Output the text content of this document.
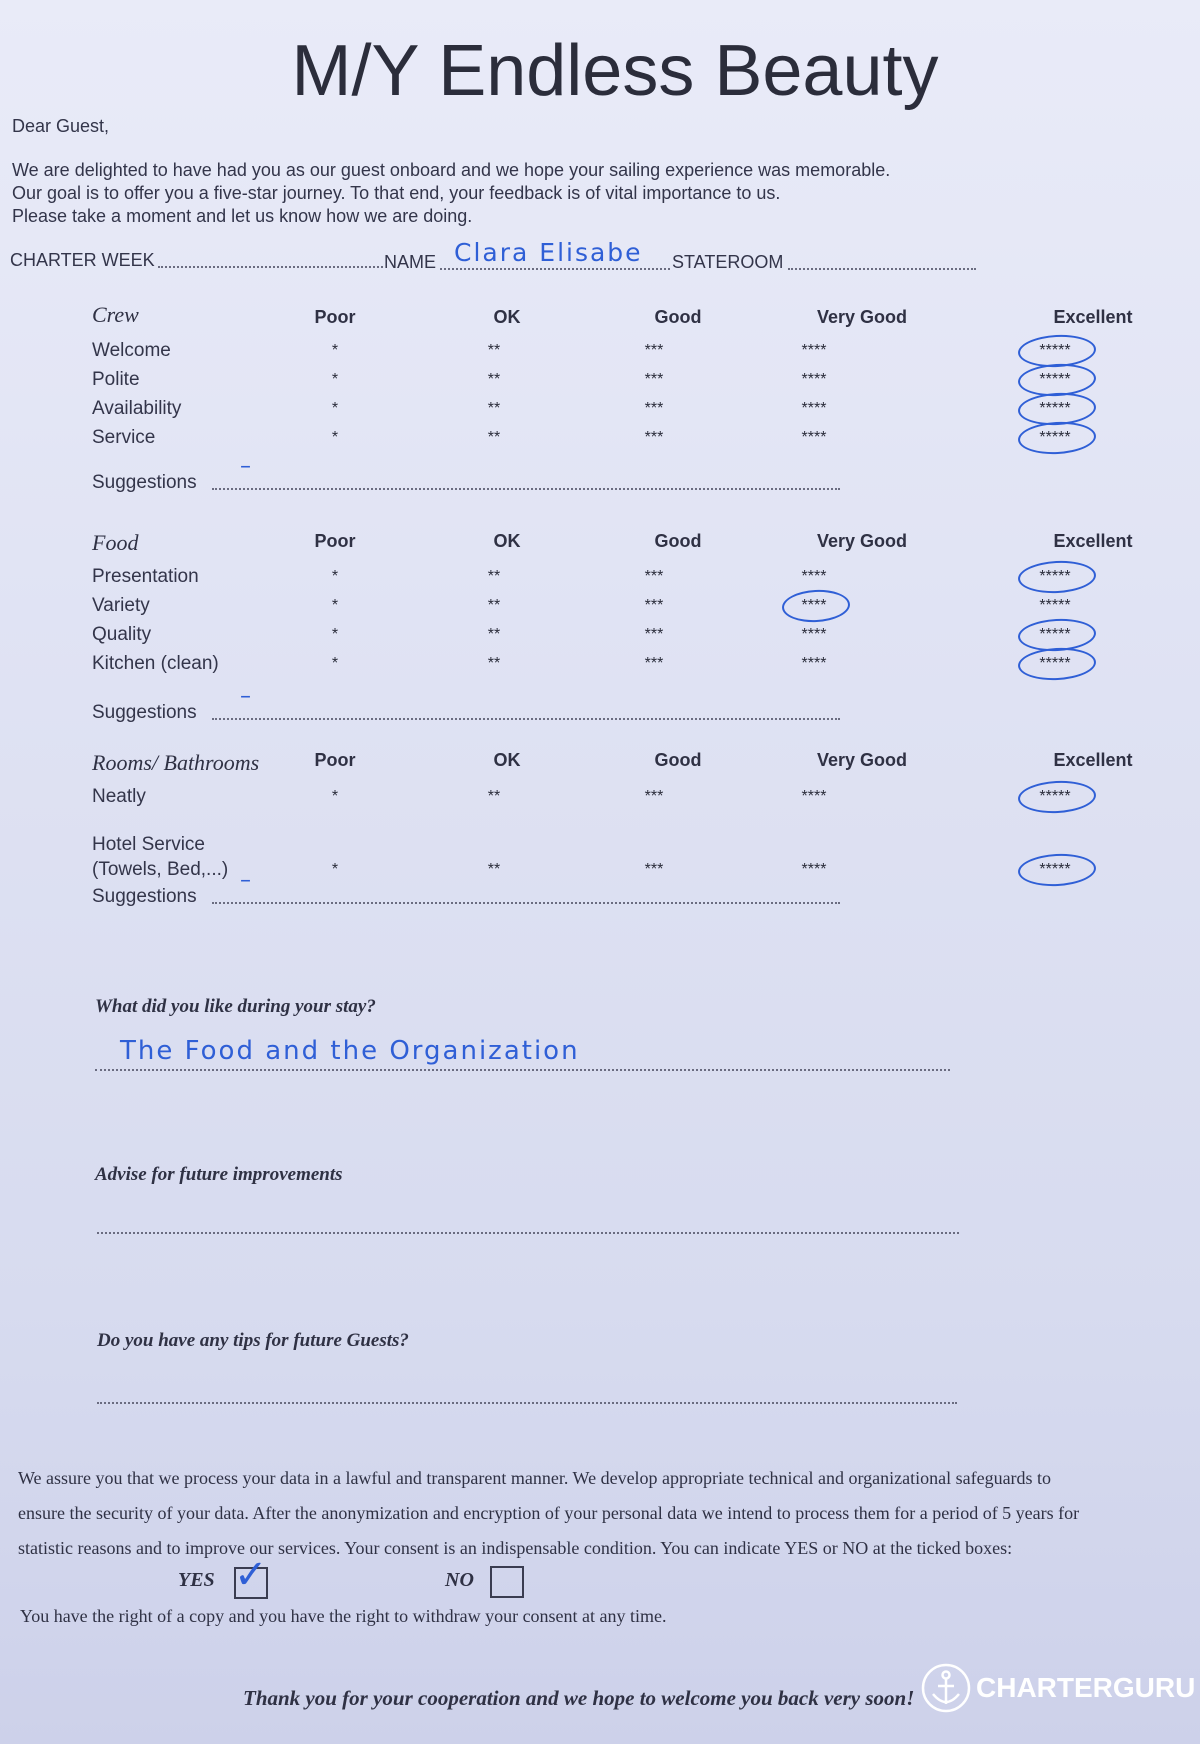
M/Y Endless Beauty
Dear Guest,
We are delighted to have had you as our guest onboard and we hope your sailing experience was memorable.
Our goal is to offer you a five-star journey. To that end, your feedback is of vital importance to us.
Please take a moment and let us know how we are doing.
CHARTER WEEK	NAME Clara Elisabe STATEROOM
What did you like during your stay?
The Food and the Organization
Advise for future improvements
Do you have any tips for future Guests?
We assure you that we process your data in a lawful and transparent manner. We develop appropriate technical and organizational safeguards to
ensure the security of your data. After the anonymization and encryption of your personal data we intend to process them for a period of 5 years for
statistic reasons and to improve our services. Your consent is an indispensable condition. You can indicate YES or NO at the ticked boxes:
YES ✓	NO
You have the right of a copy and you have the right to withdraw your consent at any time.
Thank you for your cooperation and we hope to welcome you back very soon! CHARTERGURU
Crew	Poor	OK	Good	Very Good	Excellent
Welcome	*	**	***	****	*****
Polite	*	**	***	****	*****
Availability	*	**	***	****	*****
Service	*	**	***	****	*****
Suggestions
–
Food	Poor	OK	Good	Very Good	Excellent
Presentation	*	**	***	****	*****
Variety	*	**	***	****	*****
Quality	*	**	***	****	*****
Kitchen (clean)	*	**	***	****	*****
Suggestions
–
Rooms/ Bathrooms	Poor	OK	Good	Very Good	Excellent
Neatly	*	**	***	****	*****
Hotel Service
(Towels, Bed,...)	*	**	***	****	*****
Suggestions
–
